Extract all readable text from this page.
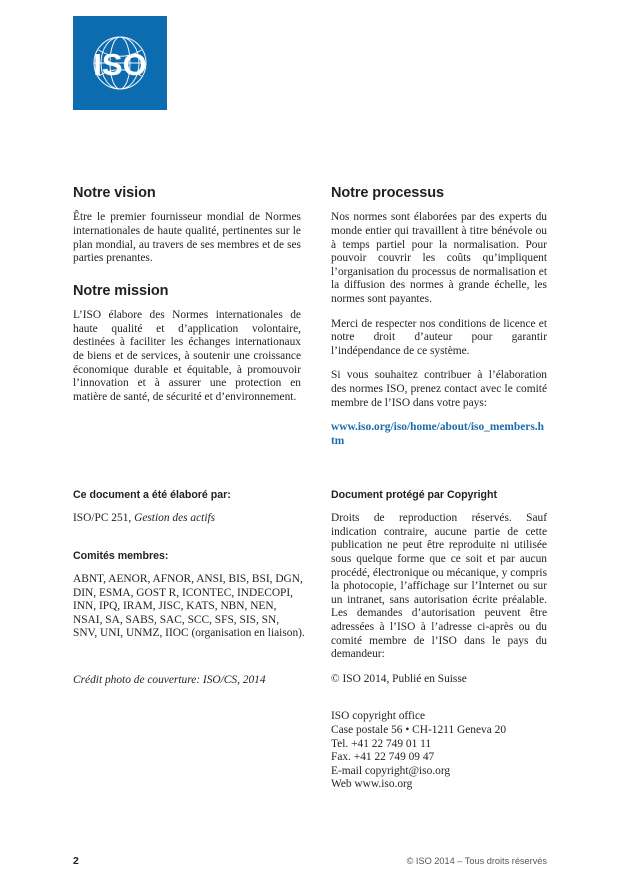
ISO
Notre vision

Être le premier fournisseur mondial de Normes internationales de haute qualité, pertinentes sur le plan mondial, au travers de ses membres et de ses parties prenantes.

Notre mission

L’ISO élabore des Normes internationales de haute qualité et d’application volontaire, destinées à faciliter les échanges internationaux de biens et de services, à soutenir une croissance économique durable et équitable, à promouvoir l’innovation et à assurer une protection en matière de santé, de sécurité et d’environnement.

Notre processus

Nos normes sont élaborées par des experts du monde entier qui travaillent à titre bénévole ou à temps partiel pour la normalisation. Pour pouvoir couvrir les coûts qu’impliquent l’organisation du processus de normalisation et la diffusion des normes à grande échelle, les normes sont payantes.

Merci de respecter nos conditions de licence et notre droit d’auteur pour garantir l’indépendance de ce système.

Si vous souhaitez contribuer à l’élaboration des normes ISO, prenez contact avec le comité membre de l’ISO dans votre pays:

www.iso.org/iso/home/about/iso_members.htm
Ce document a été élaboré par:

ISO/PC 251, Gestion des actifs

Comités membres:

ABNT, AENOR, AFNOR, ANSI, BIS, BSI, DGN, DIN, ESMA, GOST R, ICONTEC, INDECOPI, INN, IPQ, IRAM, JISC, KATS, NBN, NEN, NSAI, SA, SABS, SAC, SCC, SFS, SIS, SN, SNV, UNI, UNMZ, IIOC (organisation en liaison).

Crédit photo de couverture: ISO/CS, 2014

Document protégé par Copyright

Droits de reproduction réservés. Sauf indication contraire, aucune partie de cette publication ne peut être reproduite ni utilisée sous quelque forme que ce soit et par aucun procédé, électronique ou mécanique, y compris la photocopie, l’affichage sur l’Internet ou sur un intranet, sans autorisation écrite préalable. Les demandes d’autorisation peuvent être adressées à l’ISO à l’adresse ci-après ou du comité membre de l’ISO dans le pays du demandeur:

© ISO 2014, Publié en Suisse

ISO copyright office

Case postale 56 • CH-1211 Geneva 20

Tel. +41 22 749 01 11

Fax. +41 22 749 09 47

E-mail copyright@iso.org

Web www.iso.org

2	© ISO 2014 – Tous droits réservés
